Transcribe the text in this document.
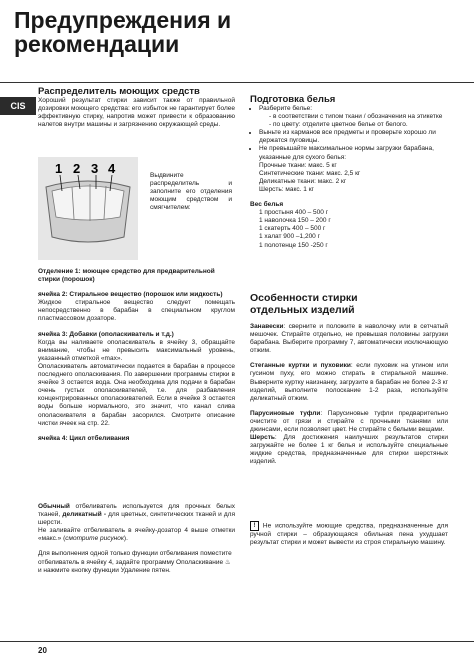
Предупреждения и
рекомендации
CIS

Распределитель моющих средств

Хороший результат стирки зависит также от правильной дозировки моющего средства: его избыток не гарантирует более эффективную стирку, напротив может привести к образованию налетов внутри машины и загрязнению окружающей среды.

1 2 3 4	Выдвините распределитель и заполните его отделения моющим средством и смягчителем:

Отделение 1: моющее средство для предварительной стирки (порошок)

ячейка 2: Стиральное вещество (порошок или жидкость)

Жидкое стиральное вещество следует помещать непосредственно в барабан в специальном круглом пластмассовом дозаторе.

ячейка 3: Добавки (ополаскиватель и т.д.)

Когда вы наливаете ополаскиватель в ячейку 3, обращайте внимание, чтобы не превысить максимальный уровень, указанный отметкой «max».

Ополаскиватель автоматически подается в барабан в процессе последнего ополаскивания. По завершении программы стирки в ячейке 3 остается вода. Она необходима для подачи в барабан очень густых ополаскивателей, т.е. для разбавления концентрированных ополаскивателей. Если в ячейке 3 остается воды больше нормального, это значит, что канал слива ополаскивателя в барабан засорился. Смотрите описание чистки ячеек на стр. 22.

ячейка 4: Цикл отбеливания

Обычный отбеливатель используется для прочных белых тканей, деликатный - для цветных, синтетических тканей и для шерсти.

Не заливайте отбеливатель в ячейку-дозатор 4 выше отметки «макс.» (смотрите рисунок).

Для выполнения одной только функции отбеливания поместите отбеливатель в ячейку 4, задайте программу Ополаскивание ♨ и нажмите кнопку функции Удаление пятен.

Подготовка белья

• Разберите белье:
- в соответствии с типом ткани / обозначения на этикетке
- по цвету: отделите цветное белье от белого.
• Выньте из карманов все предметы и проверьте хорошо ли держатся пуговицы.
• Не превышайте максимальное нормы загрузки барабана, указанные для сухого белья:
Прочные ткани: макс. 5 кг
Синтетические ткани: макс. 2,5 кг
Деликатные ткани: макс. 2 кг
Шерсть: макс. 1 кг

Вес белья

1 простыня 400 – 500 г

1 наволочка 150 – 200 г

1 скатерть 400 – 500 г

1 халат 900 –1,200 г

1 полотенце 150 -250 г

Особенности стирки
отдельных изделий

Занавески: сверните и положите в наволочку или в сетчатый мешочек. Стирайте отдельно, не превышая половины загрузки барабана. Выберите программу 7, автоматически исключающую отжим.

Стеганные куртки и пуховики: если пуховик на утином или гусином пуху, его можно стирать в стиральной машине. Выверните куртку наизнанку, загрузите в барабан не более 2-3 кг изделий, выполните полоскание 1-2 раза, используйте деликатный отжим.

Парусиновые туфли: Парусиновые туфли предварительно очистите от грязи и стирайте с прочными тканями или джинсами, если позволяет цвет. Не стирайте с белыми вещами.

Шерсть: Для достижения наилучших результатов стирки загружайте не более 1 кг белья и используйте специальные жидкие средства, предназначенные для стирки шерстяных изделий.

! Не используйте моющие средства, предназначенные для ручной стирки – образующаяся обильная пена ухудшает результат стирки и может вывести из строя стиральную машину.

20
